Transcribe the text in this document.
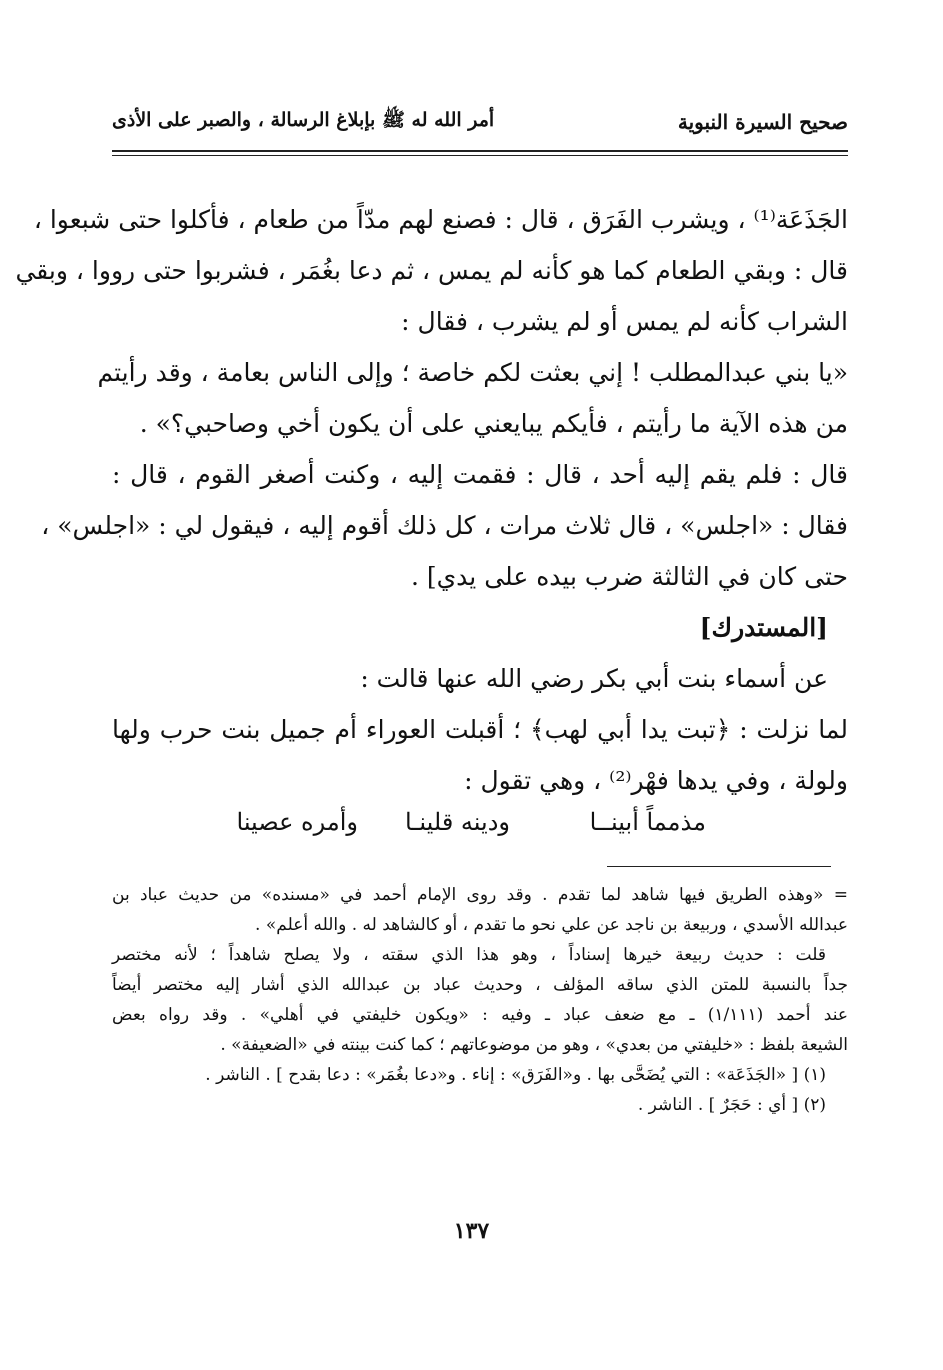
صحيح السيرة النبوية
أمر الله له ﷺ بإبلاغ الرسالة ، والصبر على الأذى
الجَذَعَة⁽¹⁾ ، ويشرب الفَرَق ، قال : فصنع لهم مدّاً من طعام ، فأكلوا حتى شبعوا ،
قال : وبقي الطعام كما هو كأنه لم يمس ، ثم دعا بغُمَر ، فشربوا حتى رووا ، وبقي
الشراب كأنه لم يمس أو لم يشرب ، فقال :
«يا بني عبدالمطلب ! إني بعثت لكم خاصة ؛ وإلى الناس بعامة ، وقد رأيتم
من هذه الآية ما رأيتم ، فأيكم يبايعني على أن يكون أخي وصاحبي؟» .
قال : فلم يقم إليه أحد ، قال : فقمت إليه ، وكنت أصغر القوم ، قال :
فقال : «اجلس» ، قال ثلاث مرات ، كل ذلك أقوم إليه ، فيقول لي : «اجلس» ،
حتى كان في الثالثة ضرب بيده على يدي] .
[المستدرك]
عن أسماء بنت أبي بكر رضي الله عنها قالت :
لما نزلت : ﴿تبت يدا أبي لهب﴾ ؛ أقبلت العوراء أم جميل بنت حرب ولها
ولولة ، وفي يدها فهْر⁽²⁾ ، وهي تقول :
مذمماً أبينــا
ودينه قلينـا
وأمره عصينا
= «وهذه الطريق فيها شاهد لما تقدم . وقد روى الإمام أحمد في «مسنده» من حديث عباد بن
عبدالله الأسدي ، وربيعة بن ناجد عن علي نحو ما تقدم ، أو كالشاهد له . والله أعلم» .
قلت : حديث ربيعة خيرها إسناداً ، وهو هذا الذي سقته ، ولا يصلح شاهداً ؛ لأنه مختصر
جداً بالنسبة للمتن الذي ساقه المؤلف ، وحديث عباد بن عبدالله الذي أشار إليه مختصر أيضاً
عند أحمد (١/١١١) ـ مع ضعف عباد ـ وفيه : «ويكون خليفتي في أهلي» . وقد رواه بعض
الشيعة بلفظ : «خليفتي من بعدي» ، وهو من موضوعاتهم ؛ كما كنت بينته في «الضعيفة» .
(١) [ «الجَذَعَة» : التي يُضَحَّى بها . و«الفَرَق» : إناء . و«دعا بغُمَر» : دعا بقدح ] . الناشر .
(٢) [ أي : حَجَرٌ ] . الناشر .
١٣٧
